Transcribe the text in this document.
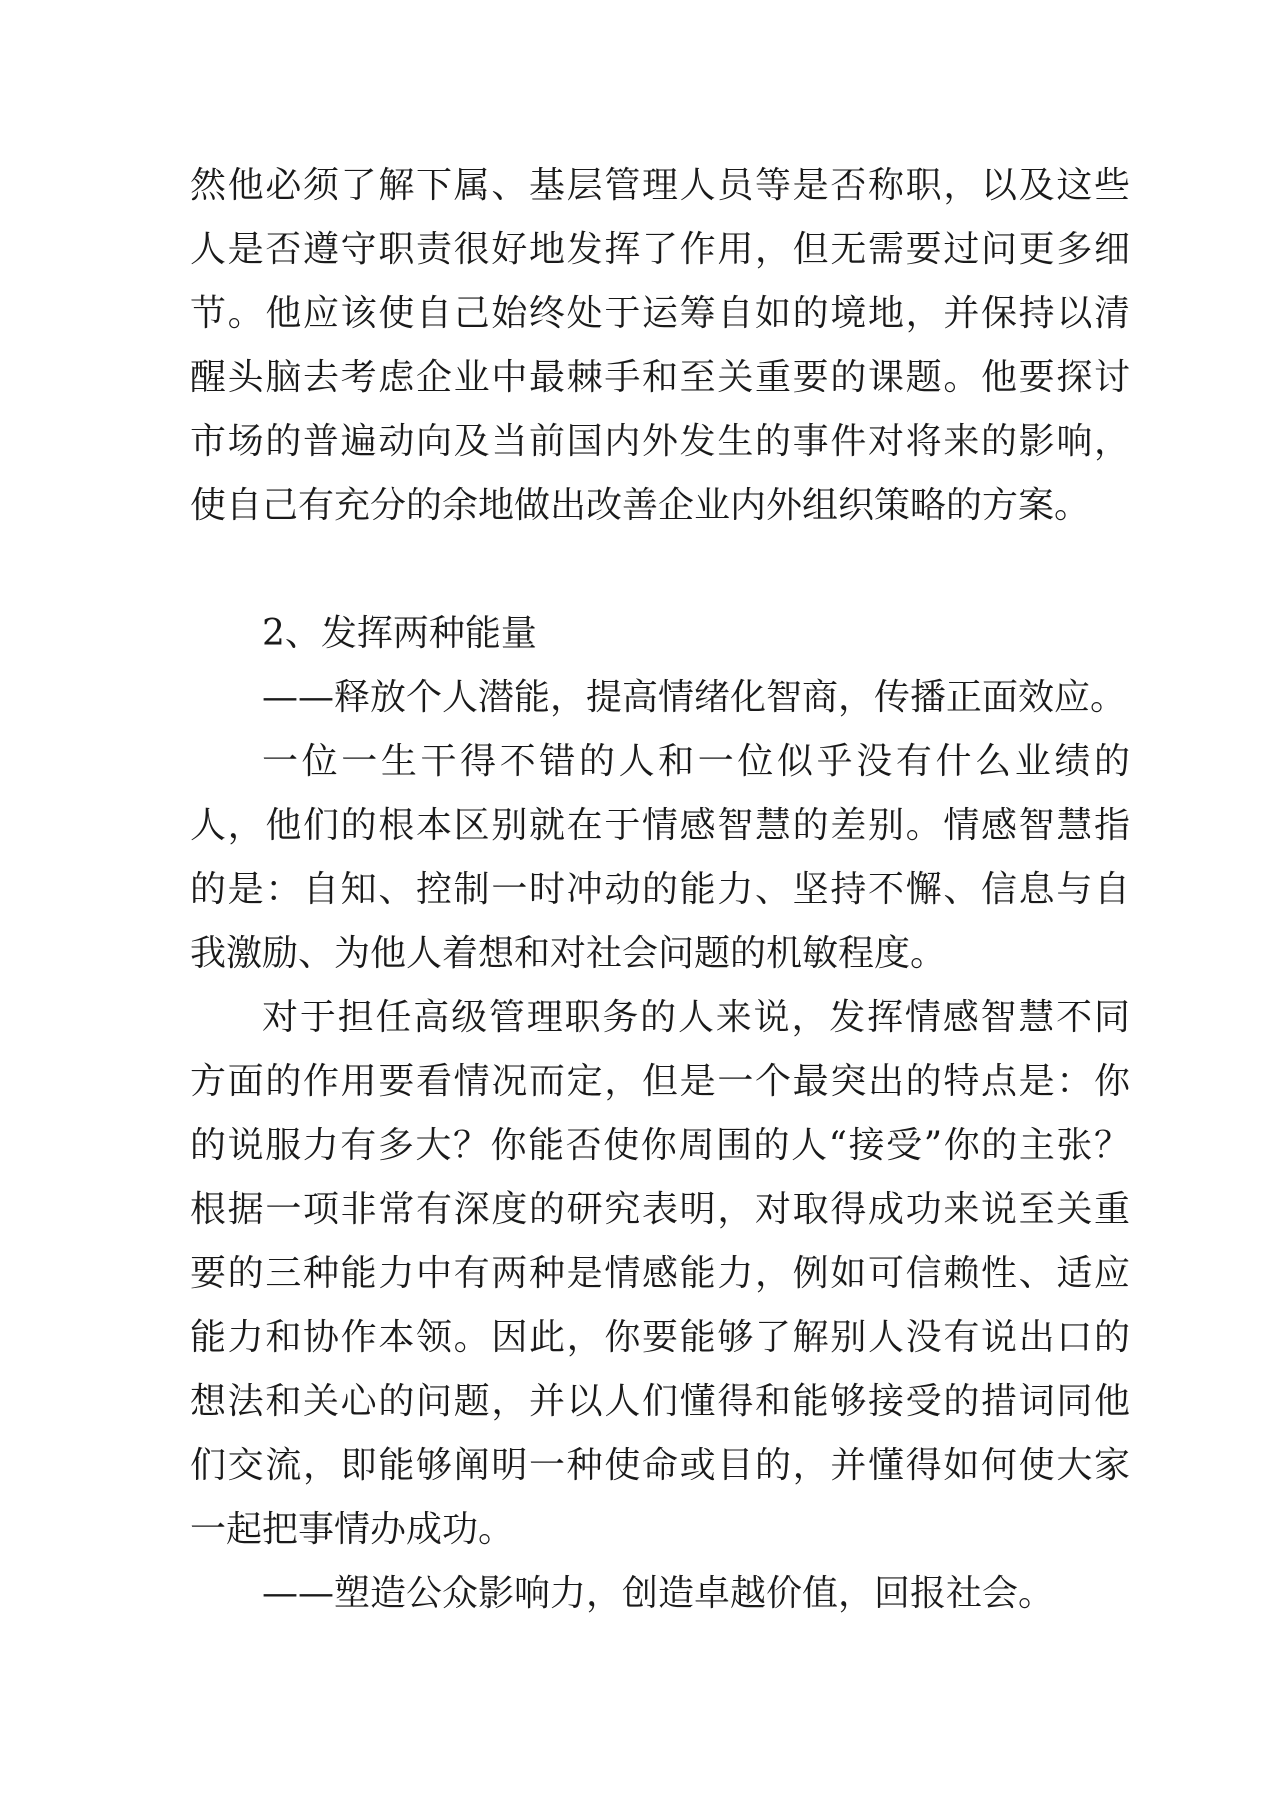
然他必须了解下属、基层管理人员等是否称职，以及这些
人是否遵守职责很好地发挥了作用，但无需要过问更多细
节。他应该使自己始终处于运筹自如的境地，并保持以清
醒头脑去考虑企业中最棘手和至关重要的课题。他要探讨
市场的普遍动向及当前国内外发生的事件对将来的影响，
使自己有充分的余地做出改善企业内外组织策略的方案。
2、发挥两种能量
——释放个人潜能，提高情绪化智商，传播正面效应。
一位一生干得不错的人和一位似乎没有什么业绩的
人，他们的根本区别就在于情感智慧的差别。情感智慧指
的是：自知、控制一时冲动的能力、坚持不懈、信息与自
我激励、为他人着想和对社会问题的机敏程度。
对于担任高级管理职务的人来说，发挥情感智慧不同
方面的作用要看情况而定，但是一个最突出的特点是：你
的说服力有多大？你能否使你周围的人“接受”你的主张？
根据一项非常有深度的研究表明，对取得成功来说至关重
要的三种能力中有两种是情感能力，例如可信赖性、适应
能力和协作本领。因此，你要能够了解别人没有说出口的
想法和关心的问题，并以人们懂得和能够接受的措词同他
们交流，即能够阐明一种使命或目的，并懂得如何使大家
一起把事情办成功。
——塑造公众影响力，创造卓越价值，回报社会。
